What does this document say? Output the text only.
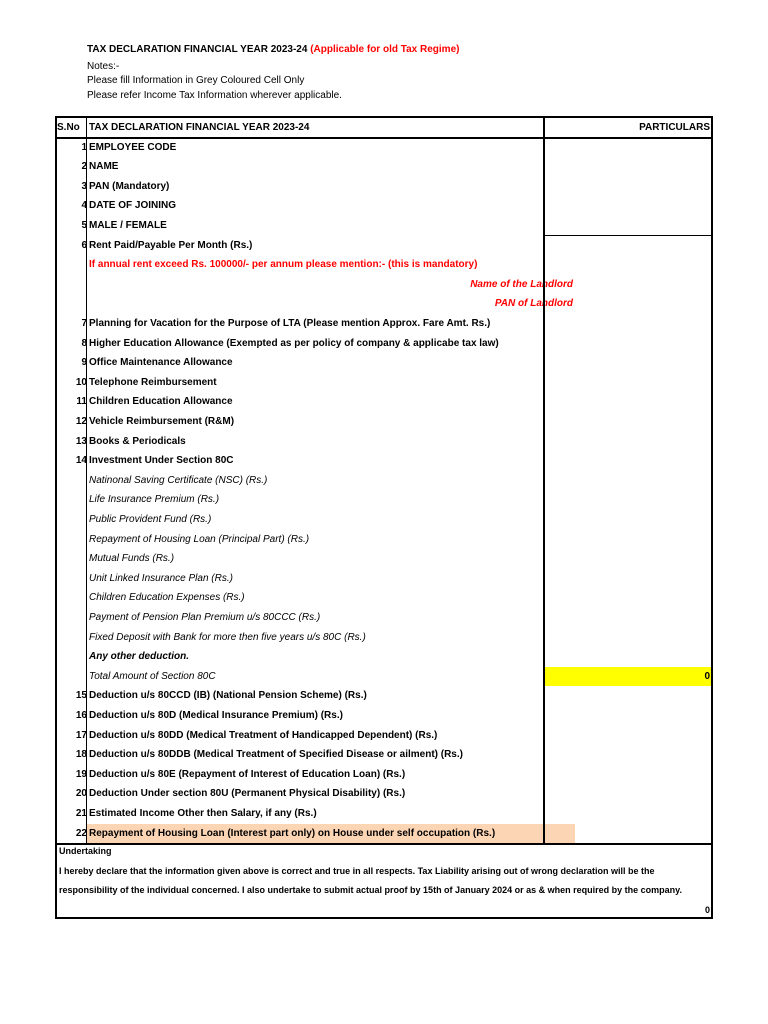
TAX DECLARATION FINANCIAL YEAR 2023-24 (Applicable for old Tax Regime)
Notes:-
Please fill Information in Grey Coloured Cell Only
Please refer Income Tax Information wherever applicable.
S.No TAX DECLARATION FINANCIAL YEAR 2023-24	PARTICULARS
1 EMPLOYEE CODE
2 NAME
3 PAN (Mandatory)
4 DATE OF JOINING
5 MALE / FEMALE
6 Rent Paid/Payable Per Month (Rs.)
If annual rent exceed Rs. 100000/- per annum please mention:- (this is mandatory)
Name of the Landlord
PAN of Landlord
7 Planning for Vacation for the Purpose of LTA (Please mention Approx. Fare Amt. Rs.)
8 Higher Education Allowance (Exempted as per policy of company & applicabe tax law)
9 Office Maintenance Allowance
10 Telephone Reimbursement
11 Children Education Allowance
12 Vehicle Reimbursement (R&M)
13 Books & Periodicals
14 Investment Under Section 80C
Natinonal Saving Certificate (NSC) (Rs.)
Life Insurance Premium (Rs.)
Public Provident Fund (Rs.)
Repayment of Housing Loan (Principal Part) (Rs.)
Mutual Funds (Rs.)
Unit Linked Insurance Plan (Rs.)
Children Education Expenses (Rs.)
Payment of Pension Plan Premium u/s 80CCC (Rs.)
Fixed Deposit with Bank for more then five years u/s 80C (Rs.)
Any other deduction.
Total Amount of Section 80C	0
15 Deduction u/s 80CCD (IB) (National Pension Scheme) (Rs.)
16 Deduction u/s 80D (Medical Insurance Premium) (Rs.)
17 Deduction u/s 80DD (Medical Treatment of Handicapped Dependent) (Rs.)
18 Deduction u/s 80DDB (Medical Treatment of Specified Disease or ailment) (Rs.)
19 Deduction u/s 80E (Repayment of Interest of Education Loan) (Rs.)
20 Deduction Under section 80U (Permanent Physical Disability) (Rs.)
21 Estimated Income Other then Salary, if any (Rs.)
22 Repayment of Housing Loan (Interest part only) on House under self occupation (Rs.)
Undertaking
I hereby declare that the information given above is correct and true in all respects. Tax Liability arising out of wrong declaration will be the
responsibility of the individual concerned. I also undertake to submit actual proof by 15th of January 2024 or as & when required by the company.
0
